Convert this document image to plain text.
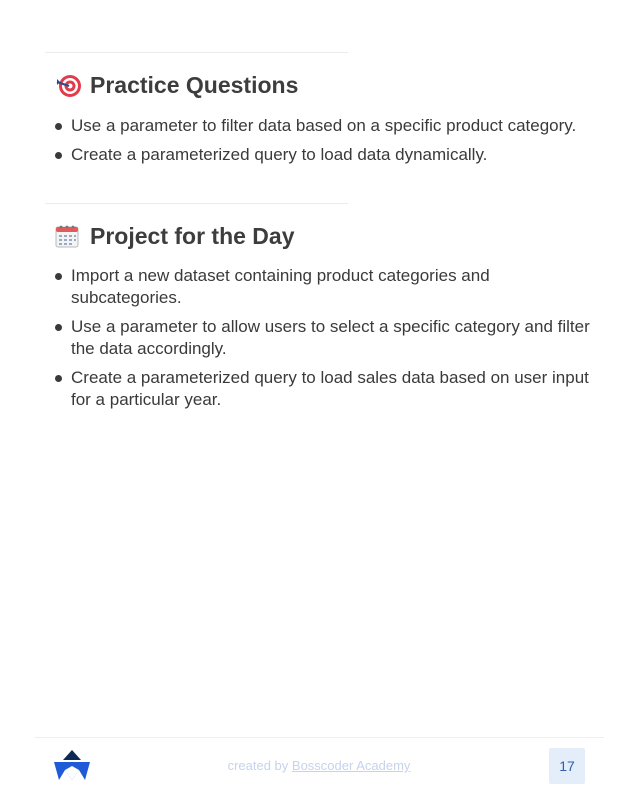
Practice Questions
Use a parameter to filter data based on a specific product category.
Create a parameterized query to load data dynamically.
Project for the Day
Import a new dataset containing product categories and subcategories.
Use a parameter to allow users to select a specific category and filter the data accordingly.
Create a parameterized query to load sales data based on user input for a particular year.
created by Bosscoder Academy	17
